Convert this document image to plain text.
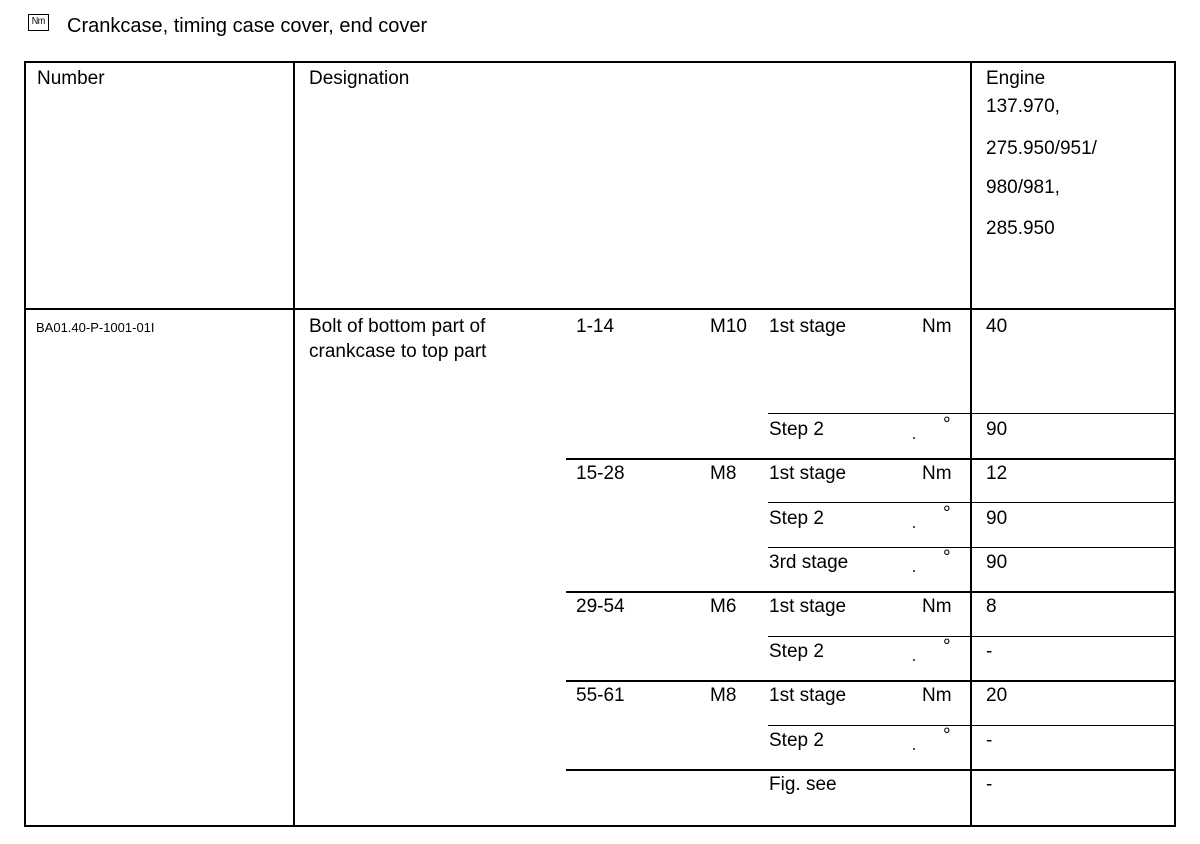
Nm Crankcase, timing case cover, end cover
Number	Designation	Engine
137.970,
275.950/951/
980/981,
285.950
BA01.40-P-1001-01I	Bolt of bottom part of
crankcase to top part
1-14	M10 1st stage	Nm 40
Step 2	° 90
15-28	M8 1st stage	Nm 12
Step 2	° 90
3rd stage	° 90
29-54	M6 1st stage	Nm 8
Step 2	° -
55-61	M8 1st stage	Nm 20
Step 2	° -
Fig. see	-
